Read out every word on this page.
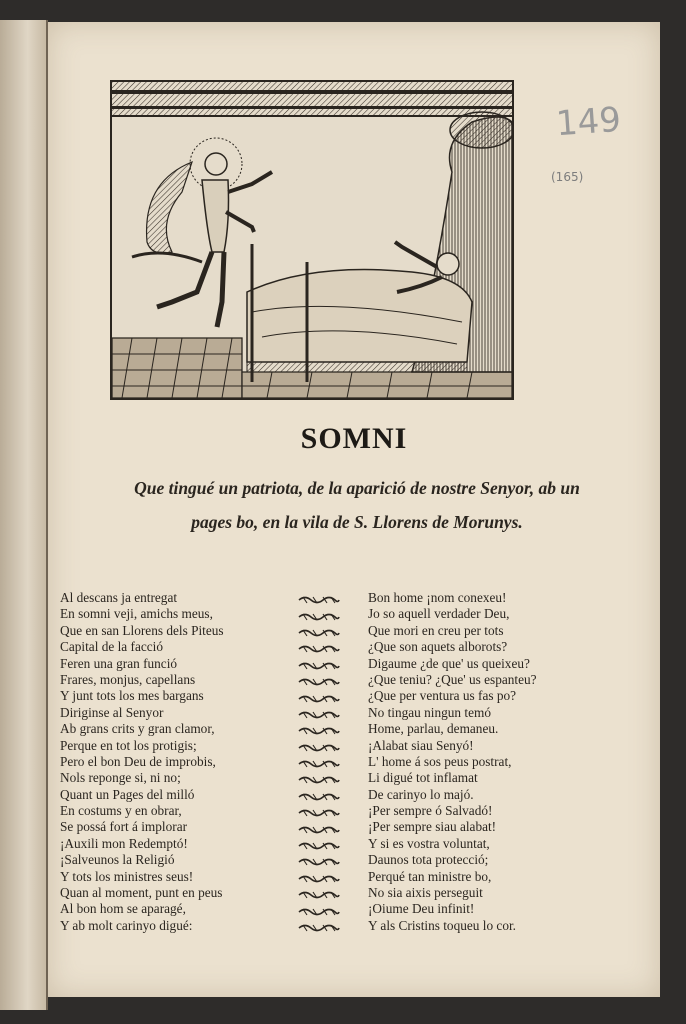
149
(165)
SOMNI
Que tingué un patriota, de la aparició de nostre Senyor, ab un
pages bo, en la vila de S. Llorens de Morunys.
Al descans ja entregat
En somni veji, amichs meus,
Que en san Llorens dels Piteus
Capital de la facció
Feren una gran funció
Frares, monjus, capellans
Y junt tots los mes bargans
Diriginse al Senyor
Ab grans crits y gran clamor,
Perque en tot los protigis;
Pero el bon Deu de improbis,
Nols reponge si, ni no;
Quant un Pages del milló
En costums y en obrar,
Se possá fort á implorar
¡Auxili mon Redemptó!
¡Salveunos la Religió
Y tots los ministres seus!
Quan al moment, punt en peus
Al bon hom se aparagé,
Y ab molt carinyo digué:
Bon home ¡nom conexeu!
Jo so aquell verdader Deu,
Que mori en creu per tots
¿Que son aquets alborots?
Digaume ¿de que' us queixeu?
¿Que teniu? ¿Que' us espanteu?
¿Que per ventura us fas po?
No tingau ningun temó
Home, parlau, demaneu.
¡Alabat siau Senyó!
L' home á sos peus postrat,
Li digué tot inflamat
De carinyo lo majó.
¡Per sempre ó Salvadó!
¡Per sempre siau alabat!
Y si es vostra voluntat,
Daunos tota protecció;
Perqué tan ministre bo,
No sia aixis perseguit
¡Oiume Deu infinit!
Y als Cristins toqueu lo cor.
